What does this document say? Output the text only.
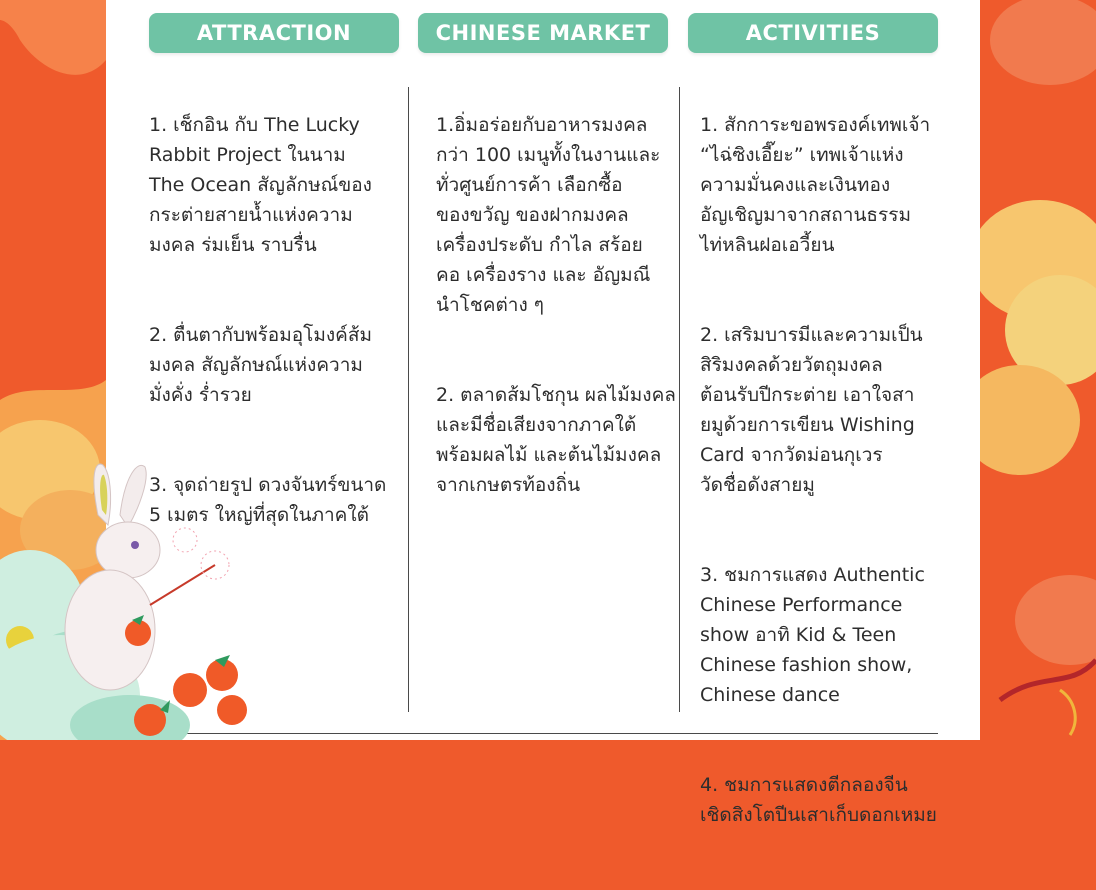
ATTRACTION	CHINESE MARKET	ACTIVITIES

1. เช็กอิน กับ The Lucky
Rabbit Project ในนาม
The Ocean สัญลักษณ์ของ
กระต่ายสายน้ำแห่งความ
มงคล ร่มเย็น ราบรื่น

2. ตื่นตากับพร้อมอุโมงค์ส้ม
มงคล สัญลักษณ์แห่งความ
มั่งคั่ง ร่ำรวย

3. จุดถ่ายรูป ดวงจันทร์ขนาด
5 เมตร ใหญ่ที่สุดในภาคใต้

1.อิ่มอร่อยกับอาหารมงคล
กว่า 100 เมนูทั้งในงานและ
ทั่วศูนย์การค้า เลือกซื้อ
ของขวัญ ของฝากมงคล
เครื่องประดับ กำไล สร้อย
คอ เครื่องราง และ อัญมณี
นำโชคต่าง ๆ

2. ตลาดส้มโชกุน ผลไม้มงคล
และมีชื่อเสียงจากภาคใต้
พร้อมผลไม้ และต้นไม้มงคล
จากเกษตรท้องถิ่น

1. สักการะขอพรองค์เทพเจ้า
“ไฉ่ซิงเอี๊ยะ” เทพเจ้าแห่ง
ความมั่นคงและเงินทอง
อัญเชิญมาจากสถานธรรม
ไท่หลินฝอเอวี้ยน

2. เสริมบารมีและความเป็น
สิริมงคลด้วยวัตถุมงคล
ต้อนรับปีกระต่าย เอาใจสา
ยมูด้วยการเขียน Wishing
Card จากวัดม่อนกุเวร
วัดชื่อดังสายมู

3. ชมการแสดง Authentic
Chinese Performance
show อาทิ Kid & Teen
Chinese fashion show,
Chinese dance

4. ชมการแสดงตีกลองจีน
เชิดสิงโตปีนเสาเก็บดอกเหมย
